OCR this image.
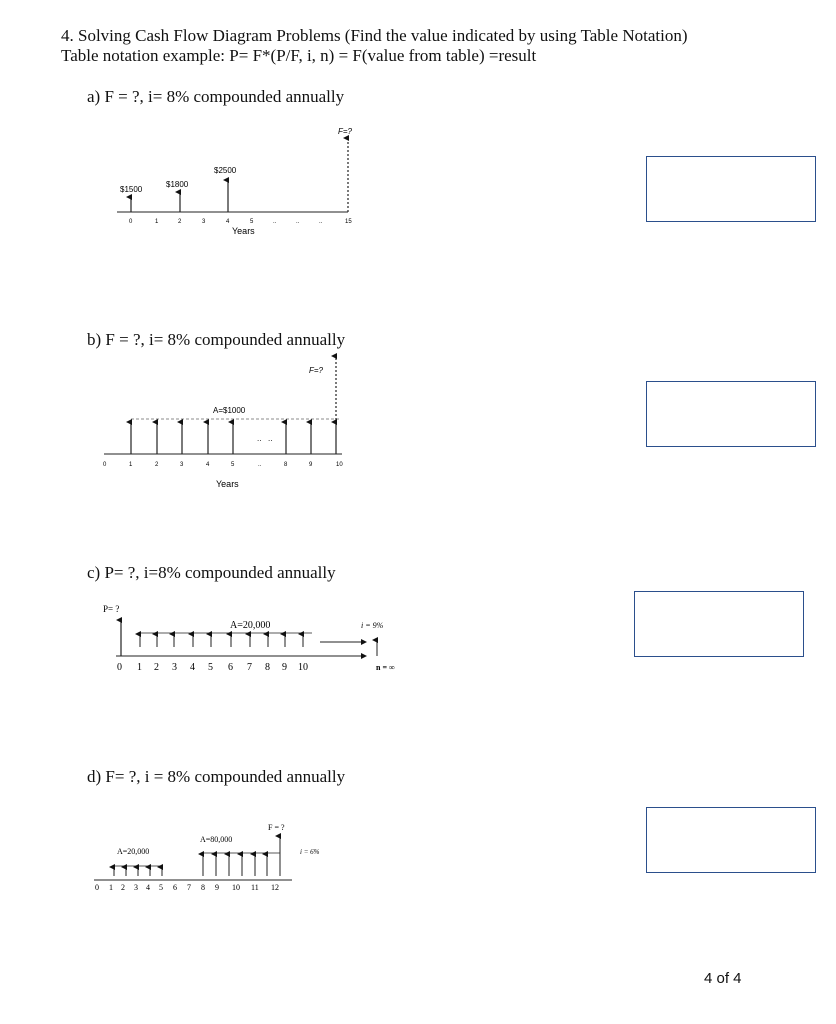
4. Solving Cash Flow Diagram Problems (Find the value indicated by using Table Notation)
Table notation example: P= F*(P/F, i, n) = F(value from table) =result
a) F = ?, i= 8% compounded annually
$1500
$1800
$2500
F=?
0	1	2	3	4	5	..	..	..	15
Years
b) F = ?, i= 8% compounded annually
F=?
A=$1000
.. ..
0	1	2	3	4	5	..	8	9	10
Years
c) P= ?, i=8% compounded annually
P= ?
A=20,000	i = 9%
0 1 2 3 4 5 6 7 8 9 10	n = ∞
d) F= ?, i = 8% compounded annually
F = ?
A=20,000
A=80,000
i = 6%
0 1 2 3 4 5 6 7 8 9 10 11 12
4 of 4
